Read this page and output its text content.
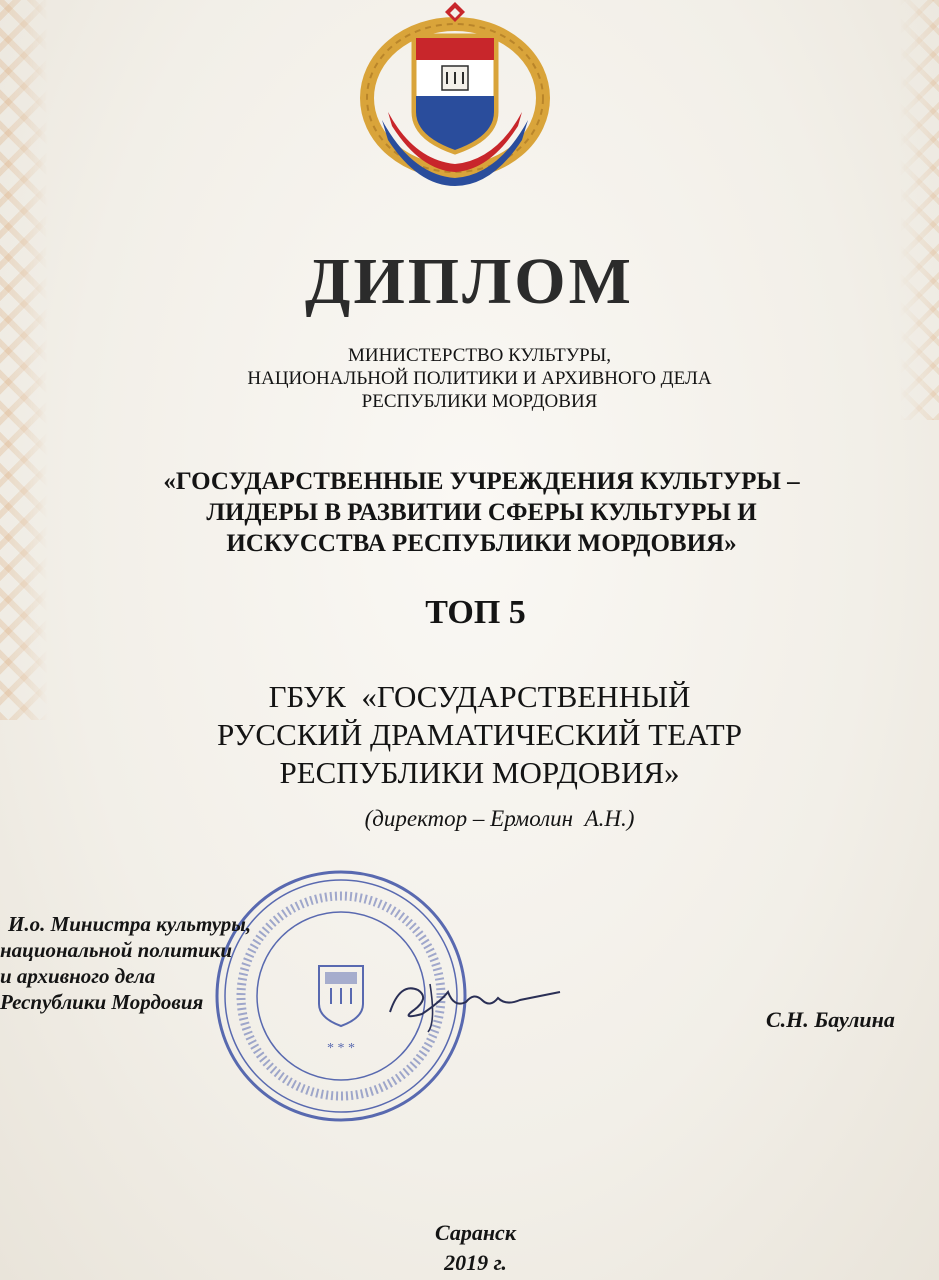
ДИПЛОМ
МИНИСТЕРСТВО КУЛЬТУРЫ,
НАЦИОНАЛЬНОЙ ПОЛИТИКИ И АРХИВНОГО ДЕЛА
РЕСПУБЛИКИ МОРДОВИЯ
«ГОСУДАРСТВЕННЫЕ УЧРЕЖДЕНИЯ КУЛЬТУРЫ –
ЛИДЕРЫ В РАЗВИТИИ СФЕРЫ КУЛЬТУРЫ И
ИСКУССТВА РЕСПУБЛИКИ МОРДОВИЯ»
ТОП 5
ГБУК  «ГОСУДАРСТВЕННЫЙ
РУССКИЙ ДРАМАТИЧЕСКИЙ ТЕАТР
РЕСПУБЛИКИ МОРДОВИЯ»
(директор – Ермолин  А.Н.)
* * *
И.о. Министра культуры,
национальной политики
и архивного дела
Республики Мордовия
С.Н. Баулина
Саранск
2019 г.
